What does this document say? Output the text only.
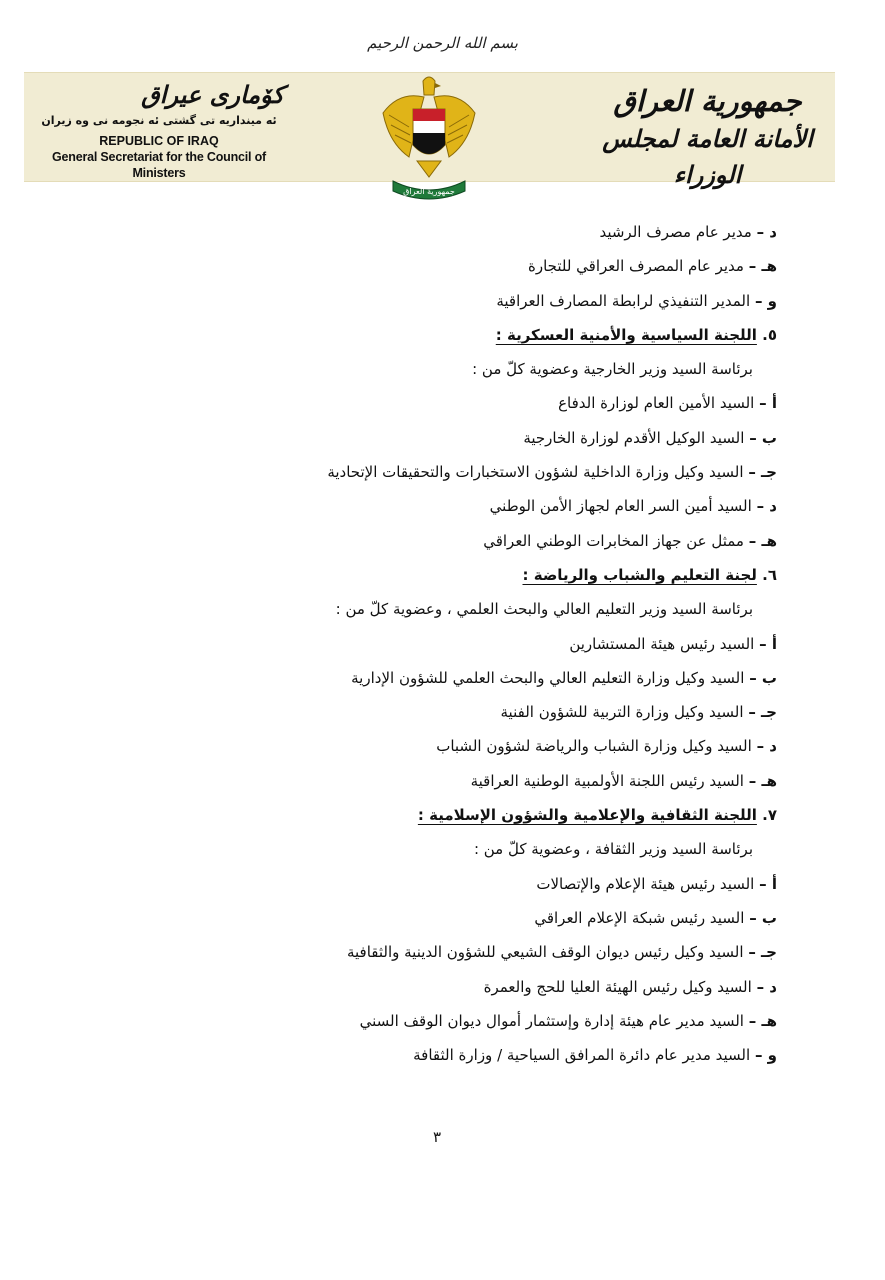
بسم الله الرحمن الرحيم
كۆماری عیراق
ئه مینداریه تی گشتی ئه نجومه نی وه زیران
REPUBLIC OF IRAQ
General Secretariat for the Council of Ministers
جمهورية العراق
جمهورية العراق
الأمانة العامة لمجلس الوزراء
د – مدير عام مصرف الرشيد
هـ – مدير عام المصرف العراقي للتجارة
و – المدير التنفيذي لرابطة المصارف العراقية
٥. اللجنة السياسية والأمنية العسكرية :
برئاسة السيد وزير الخارجية وعضوية كلّ من :
أ – السيد الأمين العام لوزارة الدفاع
ب – السيد الوكيل الأقدم لوزارة الخارجية
جـ – السيد وكيل وزارة الداخلية لشؤون الاستخبارات والتحقيقات الإتحادية
د – السيد أمين السر العام لجهاز الأمن الوطني
هـ – ممثل عن جهاز المخابرات الوطني العراقي
٦. لجنة التعليم والشباب والرياضة :
برئاسة السيد وزير التعليم العالي والبحث العلمي ، وعضوية كلّ من :
أ – السيد رئيس هيئة المستشارين
ب – السيد وكيل وزارة التعليم العالي والبحث العلمي للشؤون الإدارية
جـ – السيد وكيل وزارة التربية للشؤون الفنية
د – السيد وكيل وزارة الشباب والرياضة لشؤون الشباب
هـ – السيد رئيس اللجنة الأولمبية الوطنية العراقية
٧. اللجنة الثقافية والإعلامية والشؤون الإسلامية :
برئاسة السيد وزير الثقافة ، وعضوية كلّ من :
أ – السيد رئيس هيئة الإعلام والإتصالات
ب – السيد رئيس شبكة الإعلام العراقي
جـ – السيد وكيل رئيس ديوان الوقف الشيعي للشؤون الدينية والثقافية
د – السيد وكيل رئيس الهيئة العليا للحج والعمرة
هـ – السيد مدير عام هيئة إدارة وإستثمار أموال ديوان الوقف السني
و – السيد مدير عام دائرة المرافق السياحية / وزارة الثقافة
٣
